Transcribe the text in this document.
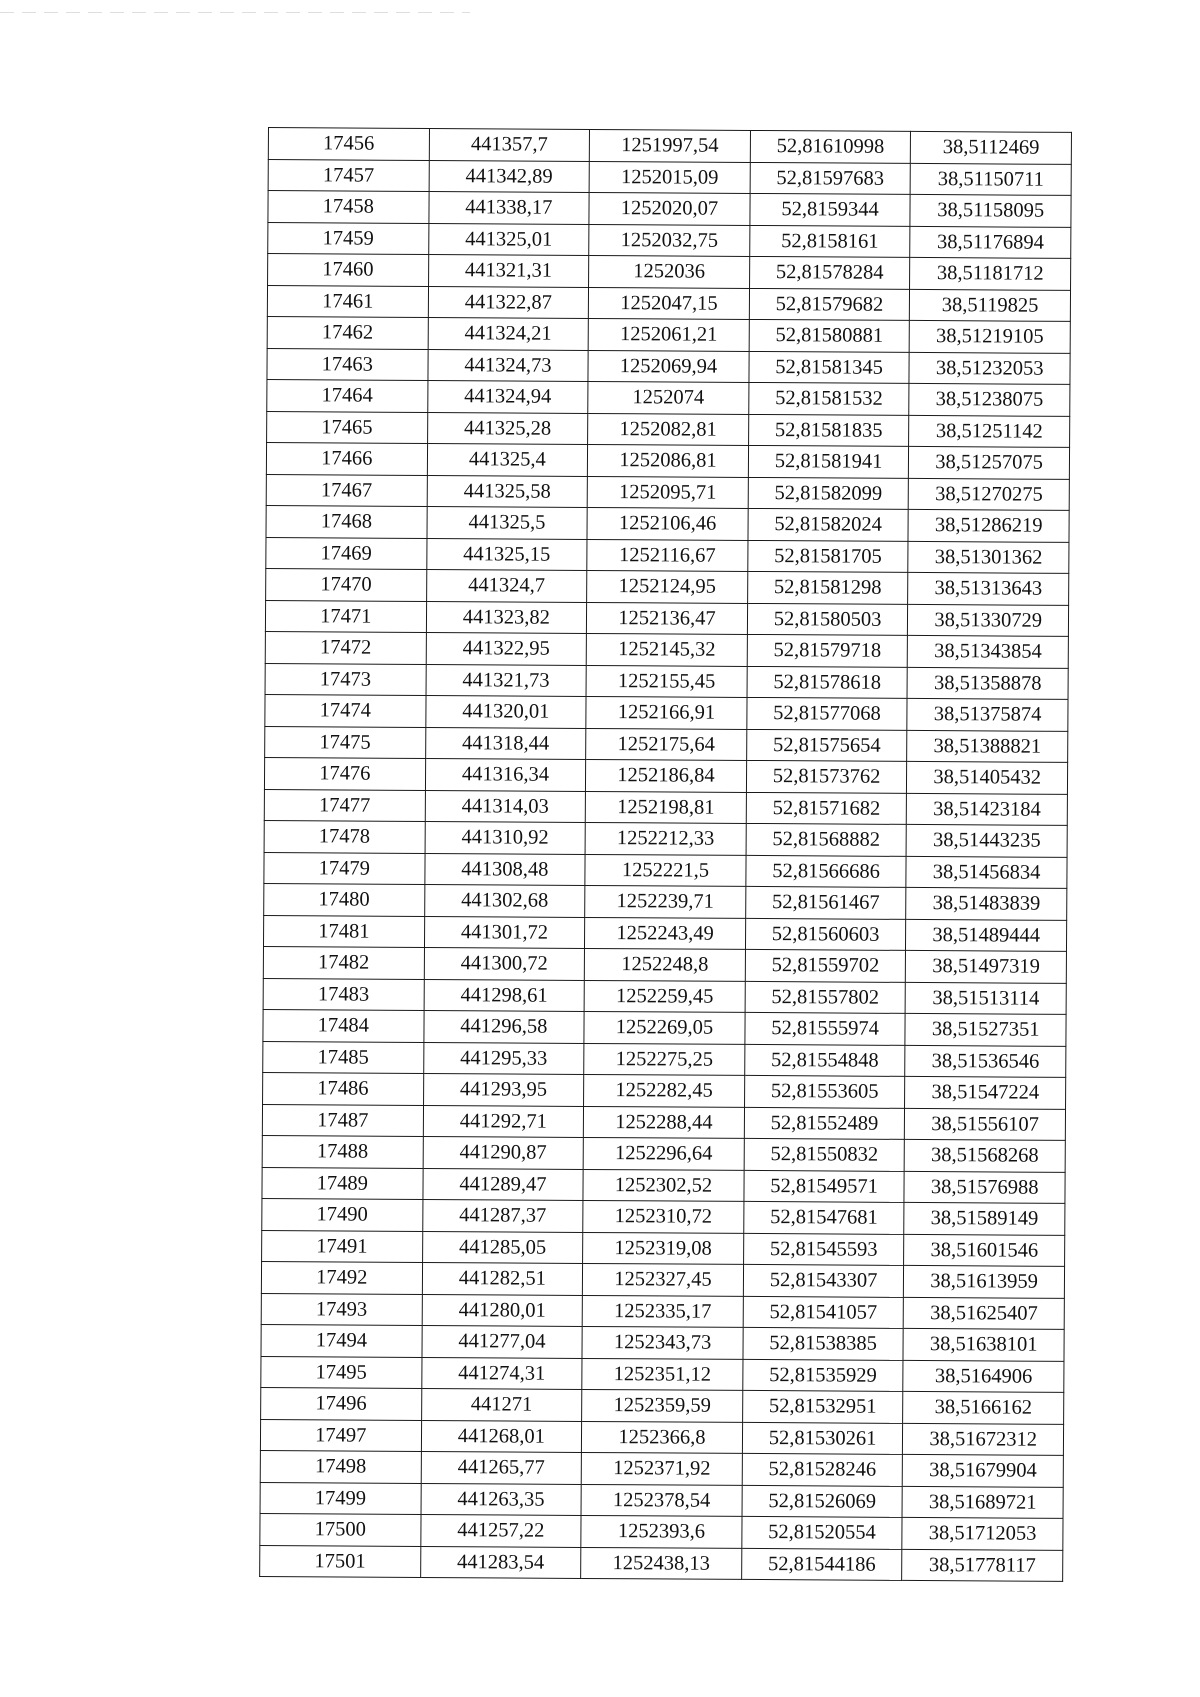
17456	441357,7	1251997,54	52,81610998	38,5112469
17457	441342,89	1252015,09	52,81597683	38,51150711
17458	441338,17	1252020,07	52,8159344	38,51158095
17459	441325,01	1252032,75	52,8158161	38,51176894
17460	441321,31	1252036	52,81578284	38,51181712
17461	441322,87	1252047,15	52,81579682	38,5119825
17462	441324,21	1252061,21	52,81580881	38,51219105
17463	441324,73	1252069,94	52,81581345	38,51232053
17464	441324,94	1252074	52,81581532	38,51238075
17465	441325,28	1252082,81	52,81581835	38,51251142
17466	441325,4	1252086,81	52,81581941	38,51257075
17467	441325,58	1252095,71	52,81582099	38,51270275
17468	441325,5	1252106,46	52,81582024	38,51286219
17469	441325,15	1252116,67	52,81581705	38,51301362
17470	441324,7	1252124,95	52,81581298	38,51313643
17471	441323,82	1252136,47	52,81580503	38,51330729
17472	441322,95	1252145,32	52,81579718	38,51343854
17473	441321,73	1252155,45	52,81578618	38,51358878
17474	441320,01	1252166,91	52,81577068	38,51375874
17475	441318,44	1252175,64	52,81575654	38,51388821
17476	441316,34	1252186,84	52,81573762	38,51405432
17477	441314,03	1252198,81	52,81571682	38,51423184
17478	441310,92	1252212,33	52,81568882	38,51443235
17479	441308,48	1252221,5	52,81566686	38,51456834
17480	441302,68	1252239,71	52,81561467	38,51483839
17481	441301,72	1252243,49	52,81560603	38,51489444
17482	441300,72	1252248,8	52,81559702	38,51497319
17483	441298,61	1252259,45	52,81557802	38,51513114
17484	441296,58	1252269,05	52,81555974	38,51527351
17485	441295,33	1252275,25	52,81554848	38,51536546
17486	441293,95	1252282,45	52,81553605	38,51547224
17487	441292,71	1252288,44	52,81552489	38,51556107
17488	441290,87	1252296,64	52,81550832	38,51568268
17489	441289,47	1252302,52	52,81549571	38,51576988
17490	441287,37	1252310,72	52,81547681	38,51589149
17491	441285,05	1252319,08	52,81545593	38,51601546
17492	441282,51	1252327,45	52,81543307	38,51613959
17493	441280,01	1252335,17	52,81541057	38,51625407
17494	441277,04	1252343,73	52,81538385	38,51638101
17495	441274,31	1252351,12	52,81535929	38,5164906
17496	441271	1252359,59	52,81532951	38,5166162
17497	441268,01	1252366,8	52,81530261	38,51672312
17498	441265,77	1252371,92	52,81528246	38,51679904
17499	441263,35	1252378,54	52,81526069	38,51689721
17500	441257,22	1252393,6	52,81520554	38,51712053
17501	441283,54	1252438,13	52,81544186	38,51778117
